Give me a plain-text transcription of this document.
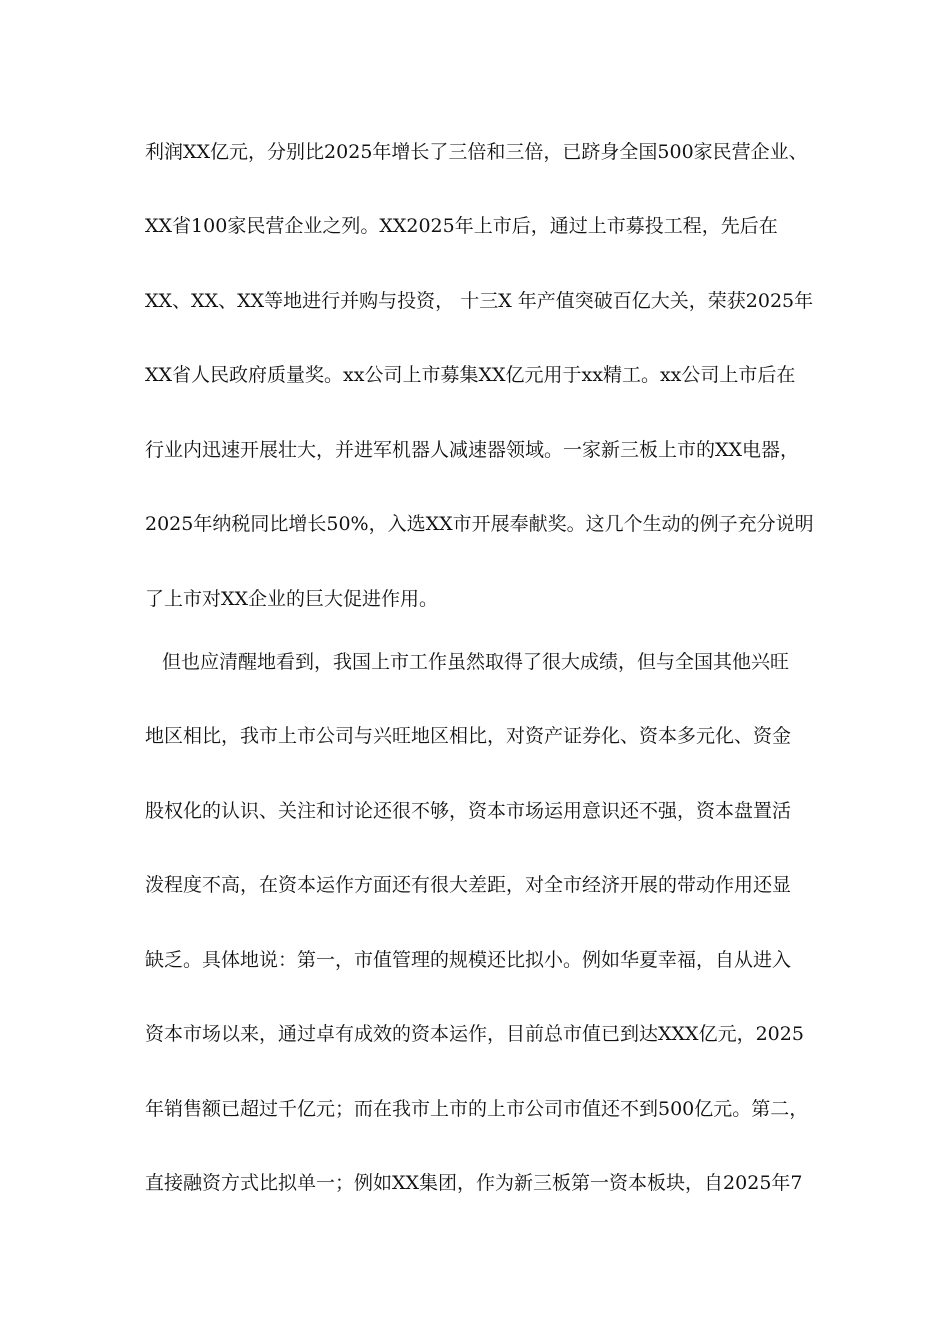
利润XX亿元，分别比2025年增长了三倍和三倍，已跻身全国500家民营企业、
XX省100家民营企业之列。XX2025年上市后，通过上市募投工程，先后在
XX、XX、XX等地进行并购与投资， 十三X 年产值突破百亿大关，荣获2025年
XX省人民政府质量奖。xx公司上市募集XX亿元用于xx精工。xx公司上市后在
行业内迅速开展壮大，并进军机器人减速器领域。一家新三板上市的XX电器，
2025年纳税同比增长50%，入选XX市开展奉献奖。这几个生动的例子充分说明
了上市对XX企业的巨大促进作用。
但也应清醒地看到，我国上市工作虽然取得了很大成绩，但与全国其他兴旺
地区相比，我市上市公司与兴旺地区相比，对资产证券化、资本多元化、资金
股权化的认识、关注和讨论还很不够，资本市场运用意识还不强，资本盘置活
泼程度不高，在资本运作方面还有很大差距，对全市经济开展的带动作用还显
缺乏。具体地说：第一，市值管理的规模还比拟小。例如华夏幸福，自从进入
资本市场以来，通过卓有成效的资本运作，目前总市值已到达XXX亿元，2025
年销售额已超过千亿元；而在我市上市的上市公司市值还不到500亿元。第二，
直接融资方式比拟单一；例如XX集团，作为新三板第一资本板块，自2025年7
